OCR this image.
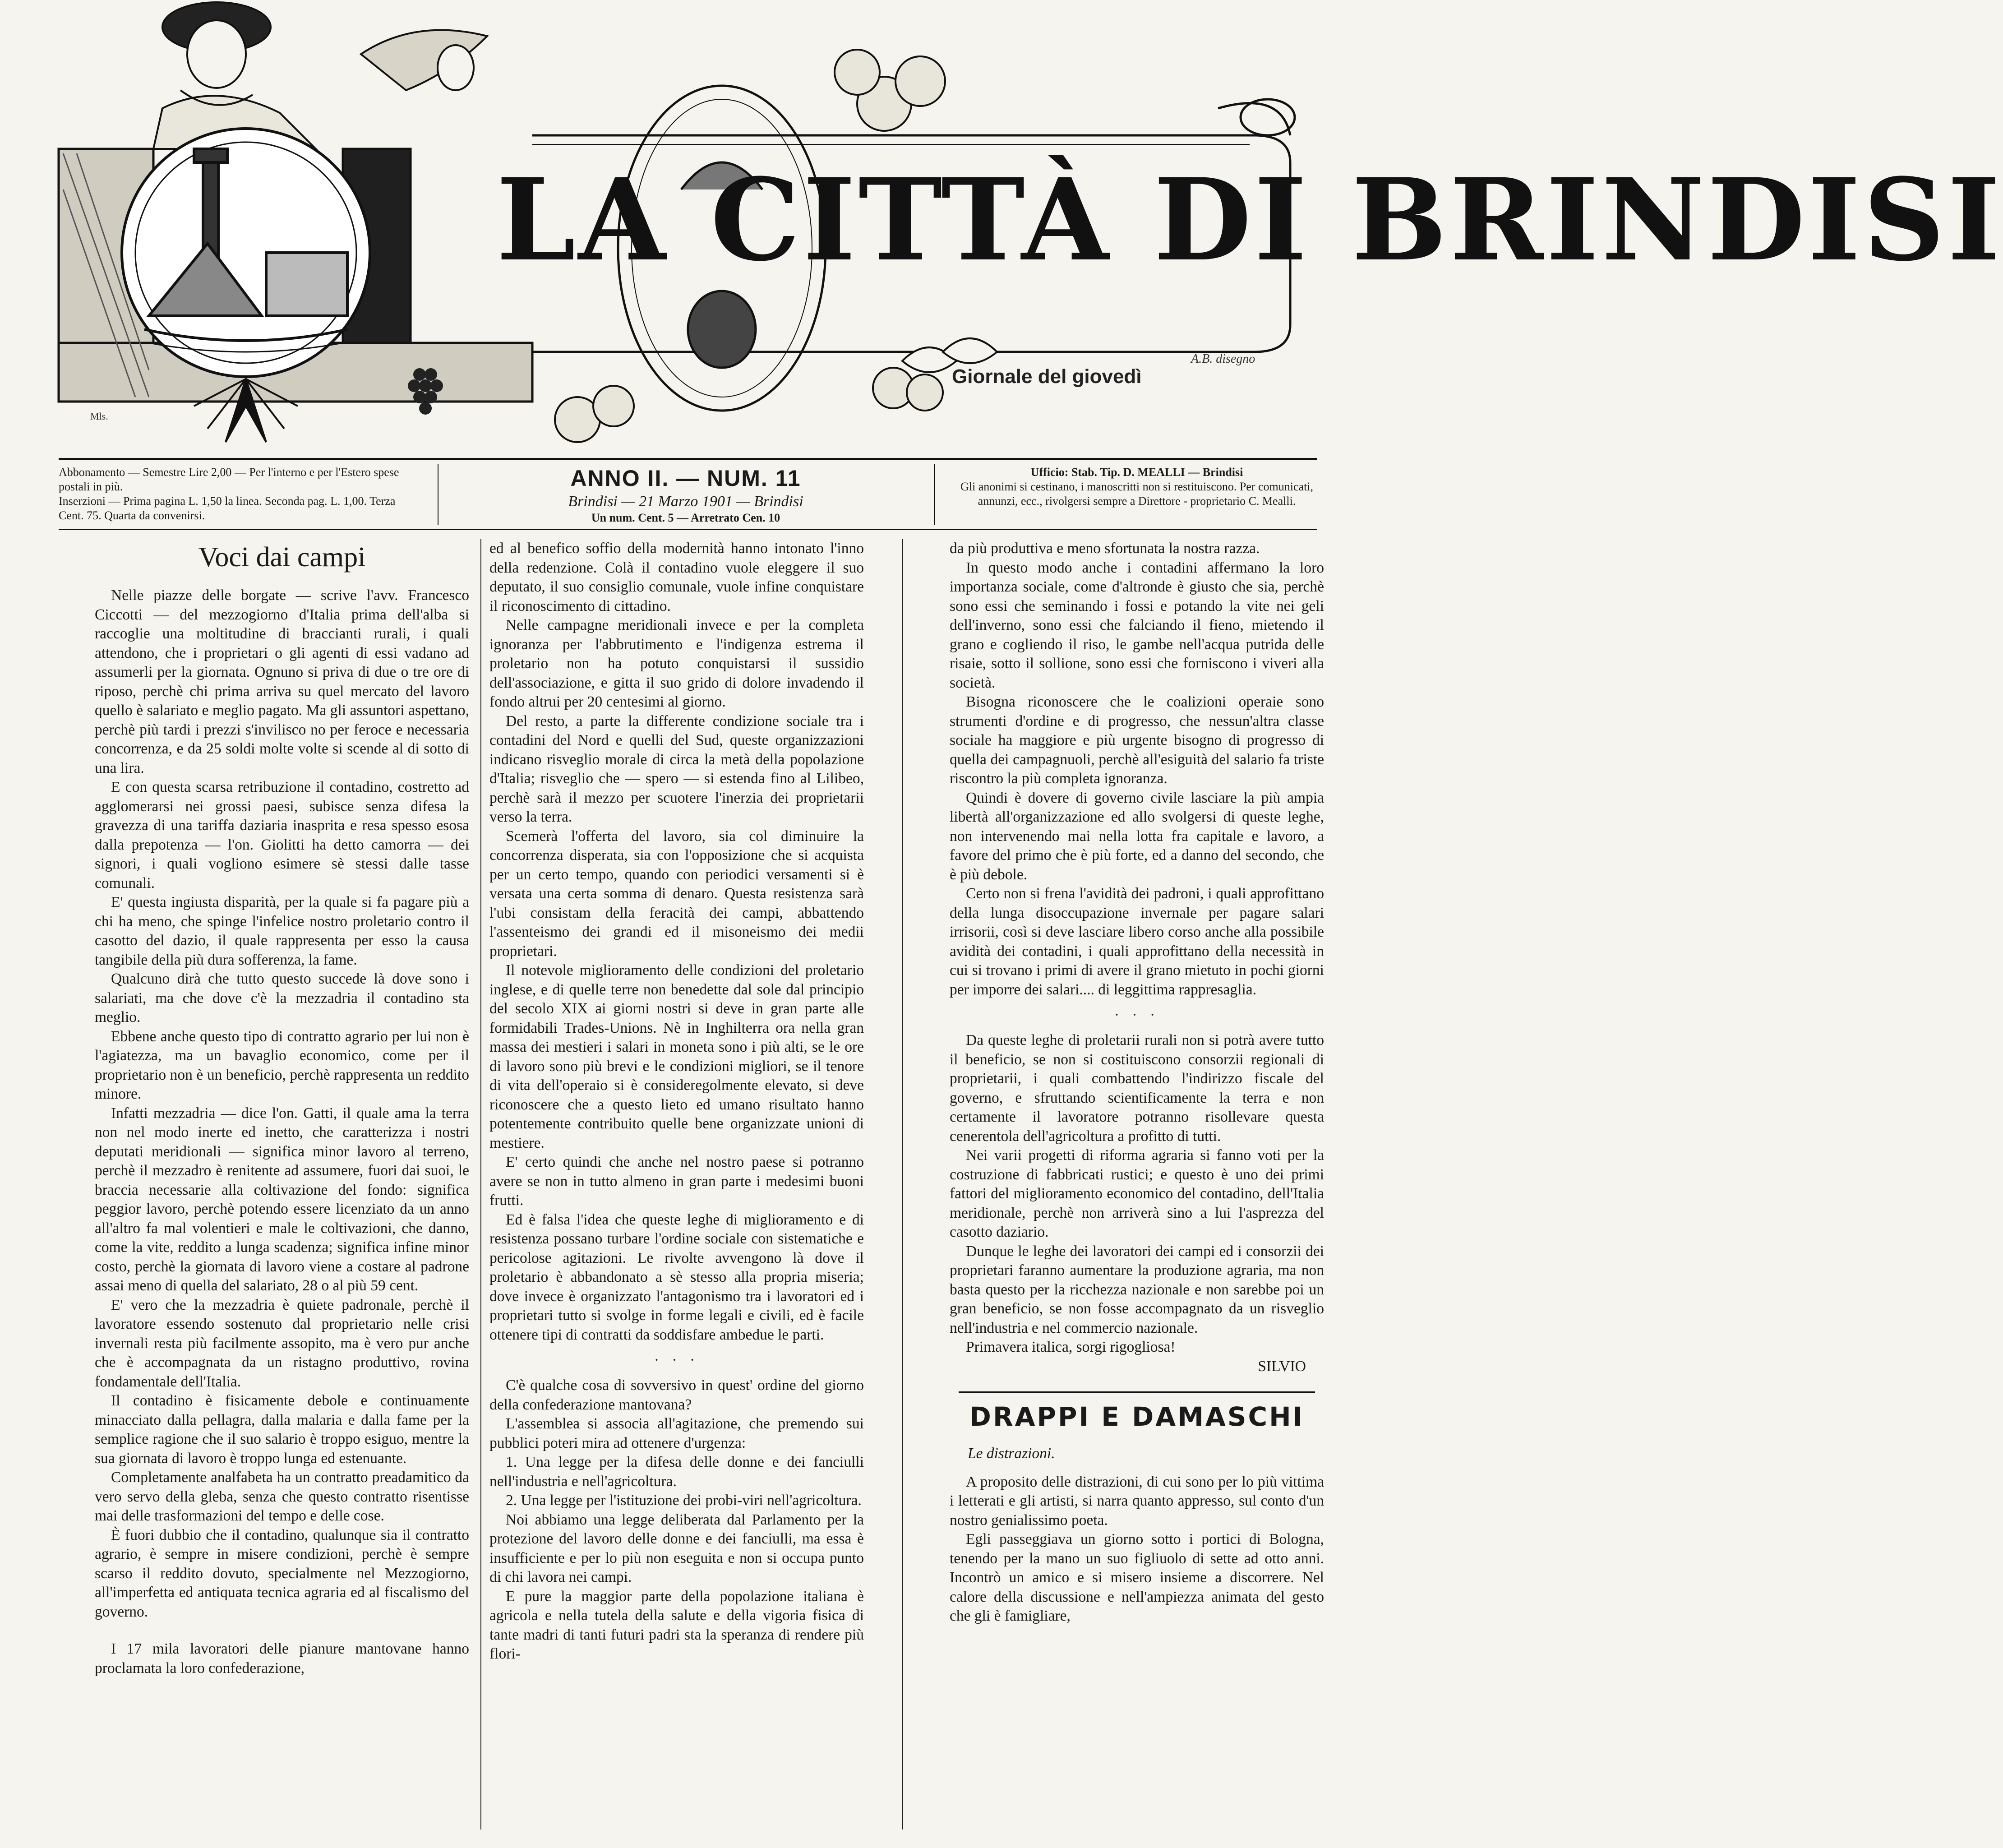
LA CITTÀ DI BRINDISI
Giornale del giovedì
A.B. disegno
Mls.
Abbonamento — Semestre Lire 2,00 — Per l'interno e per l'Estero spese postali in più.
Inserzioni — Prima pagina L. 1,50 la linea. Seconda pag. L. 1,00. Terza Cent. 75. Quarta da convenirsi.
ANNO II. — NUM. 11
Brindisi — 21 Marzo 1901 — Brindisi
Un num. Cent. 5 — Arretrato Cen. 10
Ufficio: Stab. Tip. D. MEALLI — Brindisi
Gli anonimi si cestinano, i manoscritti non si restituiscono. Per comunicati, annunzi, ecc., rivolgersi sempre a Direttore - proprietario C. Mealli.

Voci dai campi

Nelle piazze delle borgate — scrive l'avv. Francesco Ciccotti — del mezzogiorno d'Italia prima dell'alba si raccoglie una moltitudine di braccianti rurali, i quali attendono, che i proprietari o gli agenti di essi vadano ad assumerli per la giornata. Ognuno si priva di due o tre ore di riposo, perchè chi prima arriva su quel mercato del lavoro quello è salariato e meglio pagato. Ma gli assuntori aspettano, perchè più tardi i prezzi s'invilisco no per feroce e necessaria concorrenza, e da 25 soldi molte volte si scende al di sotto di una lira.

E con questa scarsa retribuzione il contadino, costretto ad agglomerarsi nei grossi paesi, subisce senza difesa la gravezza di una tariffa daziaria inasprita e resa spesso esosa dalla prepotenza — l'on. Giolitti ha detto camorra — dei signori, i quali vogliono esimere sè stessi dalle tasse comunali.

E' questa ingiusta disparità, per la quale si fa pagare più a chi ha meno, che spinge l'infelice nostro proletario contro il casotto del dazio, il quale rappresenta per esso la causa tangibile della più dura sofferenza, la fame.

Qualcuno dirà che tutto questo succede là dove sono i salariati, ma che dove c'è la mezzadria il contadino sta meglio.

Ebbene anche questo tipo di contratto agrario per lui non è l'agiatezza, ma un bavaglio economico, come per il proprietario non è un beneficio, perchè rappresenta un reddito minore.

Infatti mezzadria — dice l'on. Gatti, il quale ama la terra non nel modo inerte ed inetto, che caratterizza i nostri deputati meridionali — significa minor lavoro al terreno, perchè il mezzadro è renitente ad assumere, fuori dai suoi, le braccia necessarie alla coltivazione del fondo: significa peggior lavoro, perchè potendo essere licenziato da un anno all'altro fa mal volentieri e male le coltivazioni, che danno, come la vite, reddito a lunga scadenza; significa infine minor costo, perchè la giornata di lavoro viene a costare al padrone assai meno di quella del salariato, 28 o al più 59 cent.

E' vero che la mezzadria è quiete padronale, perchè il lavoratore essendo sostenuto dal proprietario nelle crisi invernali resta più facilmente assopito, ma è vero pur anche che è accompagnata da un ristagno produttivo, rovina fondamentale dell'Italia.

Il contadino è fisicamente debole e continuamente minacciato dalla pellagra, dalla malaria e dalla fame per la semplice ragione che il suo salario è troppo esiguo, mentre la sua giornata di lavoro è troppo lunga ed estenuante.

Completamente analfabeta ha un contratto preadamitico da vero servo della gleba, senza che questo contratto risentisse mai delle trasformazioni del tempo e delle cose.

È fuori dubbio che il contadino, qualunque sia il contratto agrario, è sempre in misere condizioni, perchè è sempre scarso il reddito dovuto, specialmente nel Mezzogiorno, all'imperfetta ed antiquata tecnica agraria ed al fiscalismo del governo.

I 17 mila lavoratori delle pianure mantovane hanno proclamata la loro confederazione,

ed al benefico soffio della modernità hanno intonato l'inno della redenzione. Colà il contadino vuole eleggere il suo deputato, il suo consiglio comunale, vuole infine conquistare il riconoscimento di cittadino.

Nelle campagne meridionali invece e per la completa ignoranza per l'abbrutimento e l'indigenza estrema il proletario non ha potuto conquistarsi il sussidio dell'associazione, e gitta il suo grido di dolore invadendo il fondo altrui per 20 centesimi al giorno.

Del resto, a parte la differente condizione sociale tra i contadini del Nord e quelli del Sud, queste organizzazioni indicano risveglio morale di circa la metà della popolazione d'Italia; risveglio che — spero — si estenda fino al Lilibeo, perchè sarà il mezzo per scuotere l'inerzia dei proprietarii verso la terra.

Scemerà l'offerta del lavoro, sia col diminuire la concorrenza disperata, sia con l'opposizione che si acquista per un certo tempo, quando con periodici versamenti si è versata una certa somma di denaro. Questa resistenza sarà l'ubi consistam della feracità dei campi, abbattendo l'assenteismo dei grandi ed il misoneismo dei medii proprietari.

Il notevole miglioramento delle condizioni del proletario inglese, e di quelle terre non benedette dal sole dal principio del secolo XIX ai giorni nostri si deve in gran parte alle formidabili Trades-Unions. Nè in Inghilterra ora nella gran massa dei mestieri i salari in moneta sono i più alti, se le ore di lavoro sono più brevi e le condizioni migliori, se il tenore di vita dell'operaio si è consideregolmente elevato, si deve riconoscere che a questo lieto ed umano risultato hanno potentemente contribuito quelle bene organizzate unioni di mestiere.

E' certo quindi che anche nel nostro paese si potranno avere se non in tutto almeno in gran parte i medesimi buoni frutti.

Ed è falsa l'idea che queste leghe di miglioramento e di resistenza possano turbare l'ordine sociale con sistematiche e pericolose agitazioni. Le rivolte avvengono là dove il proletario è abbandonato a sè stesso alla propria miseria; dove invece è organizzato l'antagonismo tra i lavoratori ed i proprietari tutto si svolge in forme legali e civili, ed è facile ottenere tipi di contratti da soddisfare ambedue le parti.

· · ·

C'è qualche cosa di sovversivo in quest' ordine del giorno della confederazione mantovana?

L'assemblea si associa all'agitazione, che premendo sui pubblici poteri mira ad ottenere d'urgenza:

1. Una legge per la difesa delle donne e dei fanciulli nell'industria e nell'agricoltura.

2. Una legge per l'istituzione dei probi-viri nell'agricoltura.

Noi abbiamo una legge deliberata dal Parlamento per la protezione del lavoro delle donne e dei fanciulli, ma essa è insufficiente e per lo più non eseguita e non si occupa punto di chi lavora nei campi.

E pure la maggior parte della popolazione italiana è agricola e nella tutela della salute e della vigoria fisica di tante madri di tanti futuri padri sta la speranza di rendere più flori-

da più produttiva e meno sfortunata la nostra razza.

In questo modo anche i contadini affermano la loro importanza sociale, come d'altronde è giusto che sia, perchè sono essi che seminando i fossi e potando la vite nei geli dell'inverno, sono essi che falciando il fieno, mietendo il grano e cogliendo il riso, le gambe nell'acqua putrida delle risaie, sotto il sollione, sono essi che forniscono i viveri alla società.

Bisogna riconoscere che le coalizioni operaie sono strumenti d'ordine e di progresso, che nessun'altra classe sociale ha maggiore e più urgente bisogno di progresso di quella dei campagnuoli, perchè all'esiguità del salario fa triste riscontro la più completa ignoranza.

Quindi è dovere di governo civile lasciare la più ampia libertà all'organizzazione ed allo svolgersi di queste leghe, non intervenendo mai nella lotta fra capitale e lavoro, a favore del primo che è più forte, ed a danno del secondo, che è più debole.

Certo non si frena l'avidità dei padroni, i quali approfittano della lunga disoccupazione invernale per pagare salari irrisorii, così si deve lasciare libero corso anche alla possibile avidità dei contadini, i quali approfittano della necessità in cui si trovano i primi di avere il grano mietuto in pochi giorni per imporre dei salari.... di leggittima rappresaglia.

· · ·

Da queste leghe di proletarii rurali non si potrà avere tutto il beneficio, se non si costituiscono consorzii regionali di proprietarii, i quali combattendo l'indirizzo fiscale del governo, e sfruttando scientificamente la terra e non certamente il lavoratore potranno risollevare questa cenerentola dell'agricoltura a profitto di tutti.

Nei varii progetti di riforma agraria si fanno voti per la costruzione di fabbricati rustici; e questo è uno dei primi fattori del miglioramento economico del contadino, dell'Italia meridionale, perchè non arriverà sino a lui l'asprezza del casotto daziario.

Dunque le leghe dei lavoratori dei campi ed i consorzii dei proprietari faranno aumentare la produzione agraria, ma non basta questo per la ricchezza nazionale e non sarebbe poi un gran beneficio, se non fosse accompagnato da un risveglio nell'industria e nel commercio nazionale.

Primavera italica, sorgi rigogliosa!

SILVIO

DRAPPI E DAMASCHI

Le distrazioni.

A proposito delle distrazioni, di cui sono per lo più vittima i letterati e gli artisti, si narra quanto appresso, sul conto d'un nostro genialissimo poeta.

Egli passeggiava un giorno sotto i portici di Bologna, tenendo per la mano un suo figliuolo di sette ad otto anni. Incontrò un amico e si misero insieme a discorrere. Nel calore della discussione e nell'ampiezza animata del gesto che gli è famigliare,
